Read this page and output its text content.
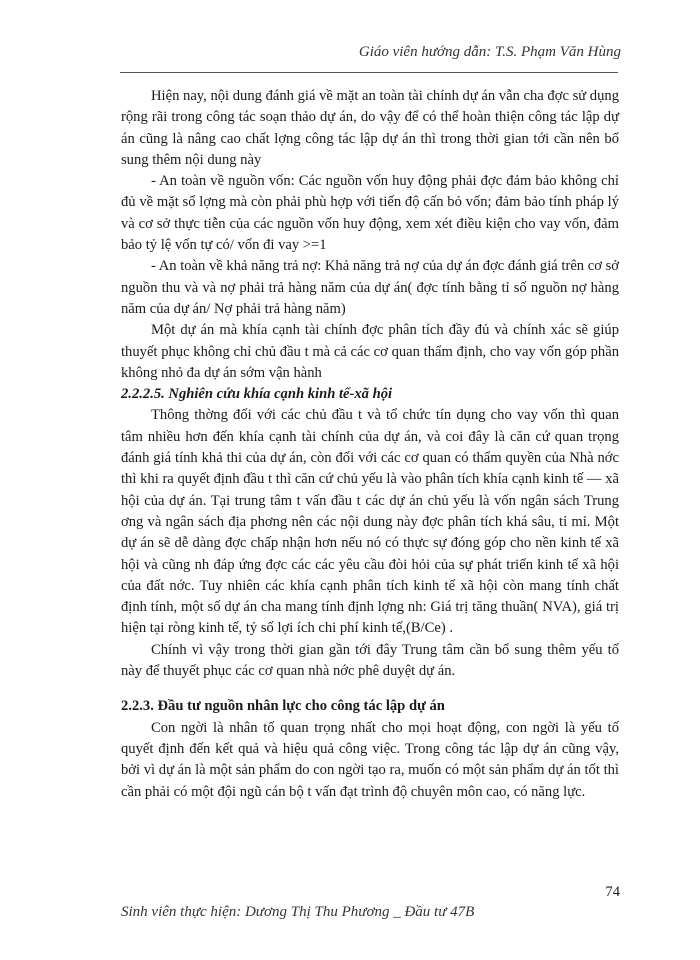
Giáo viên hướng dẫn: T.S. Phạm Văn Hùng

Hiện nay, nội dung đánh giá về mặt an toàn tài chính dự án vẫn cha đợc sử dụng rộng rãi trong công tác soạn thảo dự án, do vậy để có thể hoàn thiện công tác lập dự án cũng là nâng cao chất lợng công tác lập dự án thì trong thời gian tới cần nên bổ sung thêm nội dung này

- An toàn về nguồn vốn: Các nguồn vốn huy động phải đợc đảm bảo không chỉ đủ về mặt số lợng mà còn phải phù hợp với tiến độ cấn bỏ vốn; đảm bảo tính pháp lý và cơ sở thực tiễn của các nguồn vốn huy động, xem xét điều kiện cho vay vốn, đảm bảo tỷ lệ vốn tự có/ vốn đi vay >=1

- An toàn về khả năng trả nợ: Khả năng trả nợ của dự án đợc đánh giá trên cơ sở nguồn thu và và nợ phải trả hàng năm của dự án( đợc tính bằng tỉ số nguồn nợ hàng năm của dự án/ Nợ phải trả hàng năm)

Một dự án mà khía cạnh tài chính đợc phân tích đầy đủ và chính xác sẽ giúp thuyết phục không chỉ chủ đầu t mà cả các cơ quan thẩm định, cho vay vốn góp phần không nhỏ đa dự án sớm vận hành

2.2.2.5. Nghiên cứu khía cạnh kinh tế-xã hội

Thông thờng đối với các chủ đầu t và tổ chức tín dụng cho vay vốn thì quan tâm nhiều hơn đến khía cạnh tài chính của dự án, và coi đây là căn cứ quan trọng đánh giá tính khả thi của dự án, còn đối với các cơ quan có thẩm quyền của Nhà nớc thì khi ra quyết định đầu t thì căn cứ chủ yếu là vào phân tích khía cạnh kinh tế — xã hội của dự án. Tại trung tâm t vấn đầu t các dự án chủ yếu là vốn ngân sách Trung ơng và ngân sách địa phơng nên các nội dung này đợc phân tích khá sâu, tỉ mỉ. Một dự án sẽ dễ dàng đợc chấp nhận hơn nếu nó có thực sự đóng góp cho nền kinh tế xã hội và cũng nh đáp ứng đợc các các yêu cầu đòi hỏi của sự phát triển kinh tế xã hội của đất nớc. Tuy nhiên các khía cạnh phân tích kinh tế xã hội còn mang tính chất định tính, một số dự án cha mang tính định lợng nh: Giá trị tăng thuần( NVA), giá trị hiện tại ròng kinh tế, tỷ số lợi ích chi phí kinh tế,(B/Ce) .

Chính vì vậy trong thời gian gần tới đây Trung tâm cần bổ sung thêm yếu tố này để thuyết phục các cơ quan nhà nớc phê duyệt dự án.

2.2.3. Đầu tư nguồn nhân lực cho công tác lập dự án

Con ngời là nhân tố quan trọng nhất cho mọi hoạt động, con ngời là yếu tố quyết định đến kết quả và hiệu quả công việc. Trong công tác lập dự án cũng vậy, bởi vì dự án là một sản phẩm do con ngời tạo ra, muốn có một sản phẩm dự án tốt thì cần phải có một đội ngũ cán bộ t vấn đạt trình độ chuyên môn cao, có năng lực.

74
Sinh viên thực hiện: Dương Thị Thu Phương _ Đầu tư 47B
